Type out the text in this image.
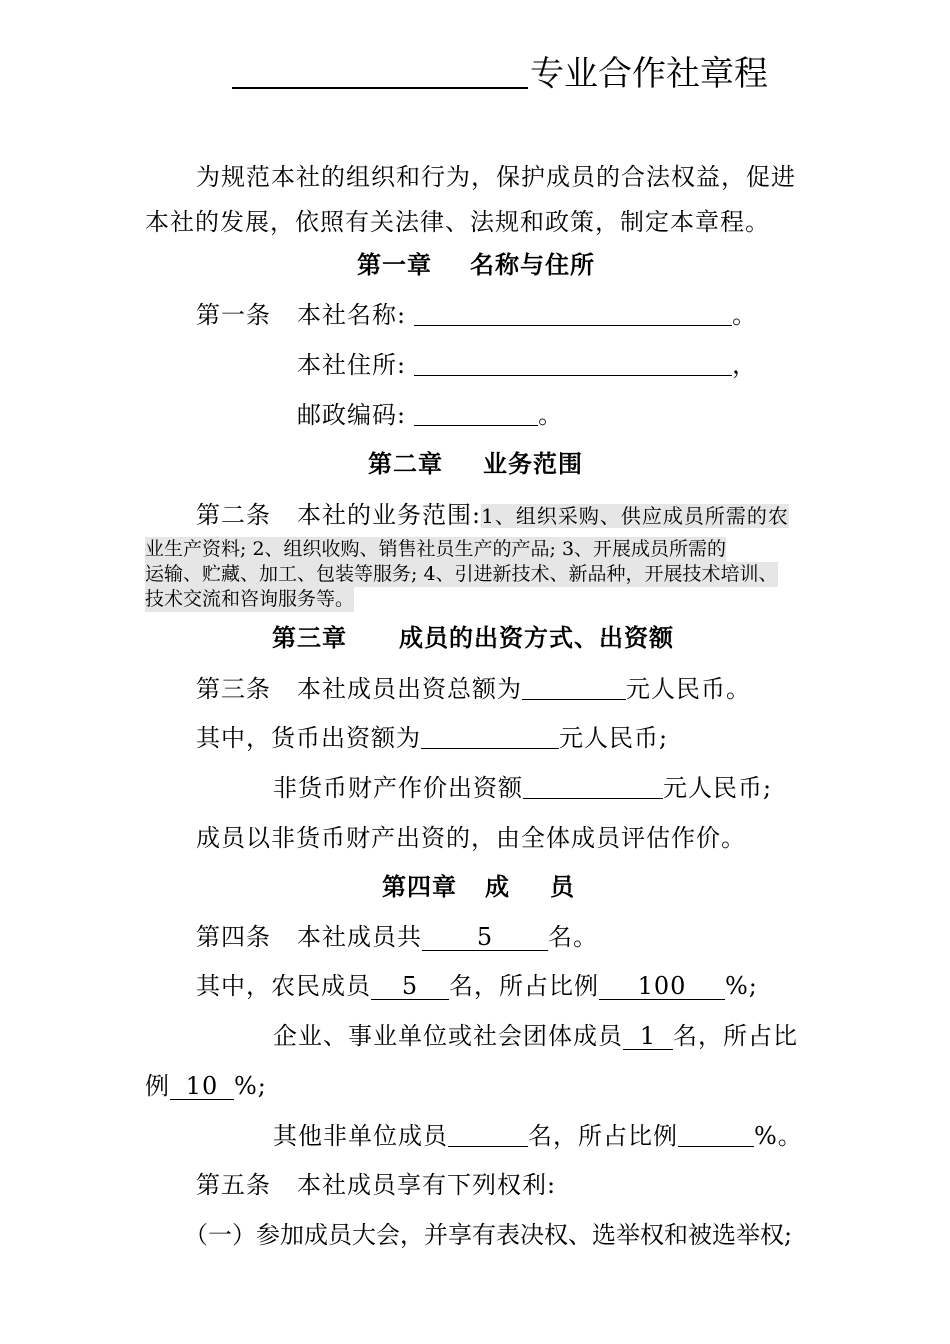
专业合作社章程
为规范本社的组织和行为，保护成员的合法权益，促进
本社的发展，依照有关法律、法规和政策，制定本章程。
第一章 名称与住所
第一条 本社名称:	。
本社住所:	，
邮政编码:	。
第二章 业务范围
第二条 本社的业务范围:1、组织采购、供应成员所需的农
业生产资料; 2、组织收购、销售社员生产的产品; 3、开展成员所需的
运输、贮藏、加工、包装等服务; 4、引进新技术、新品种，开展技术培训、
技术交流和咨询服务等。
第三章 成员的出资方式、出资额
第三条 本社成员出资总额为	元人民币。
其中，货币出资额为	元人民币;
非货币财产作价出资额	元人民币;
成员以非货币财产出资的，由全体成员评估作价。
第四章 成 员
第四条 本社成员共 5 名。
其中，农民成员 5 名，所占比例 100 %;
企业、事业单位或社会团体成员 1 名，所占比
例 10 %;
其他非单位成员	名，所占比例	%。
第五条 本社成员享有下列权利:
（一）参加成员大会，并享有表决权、选举权和被选举权;
